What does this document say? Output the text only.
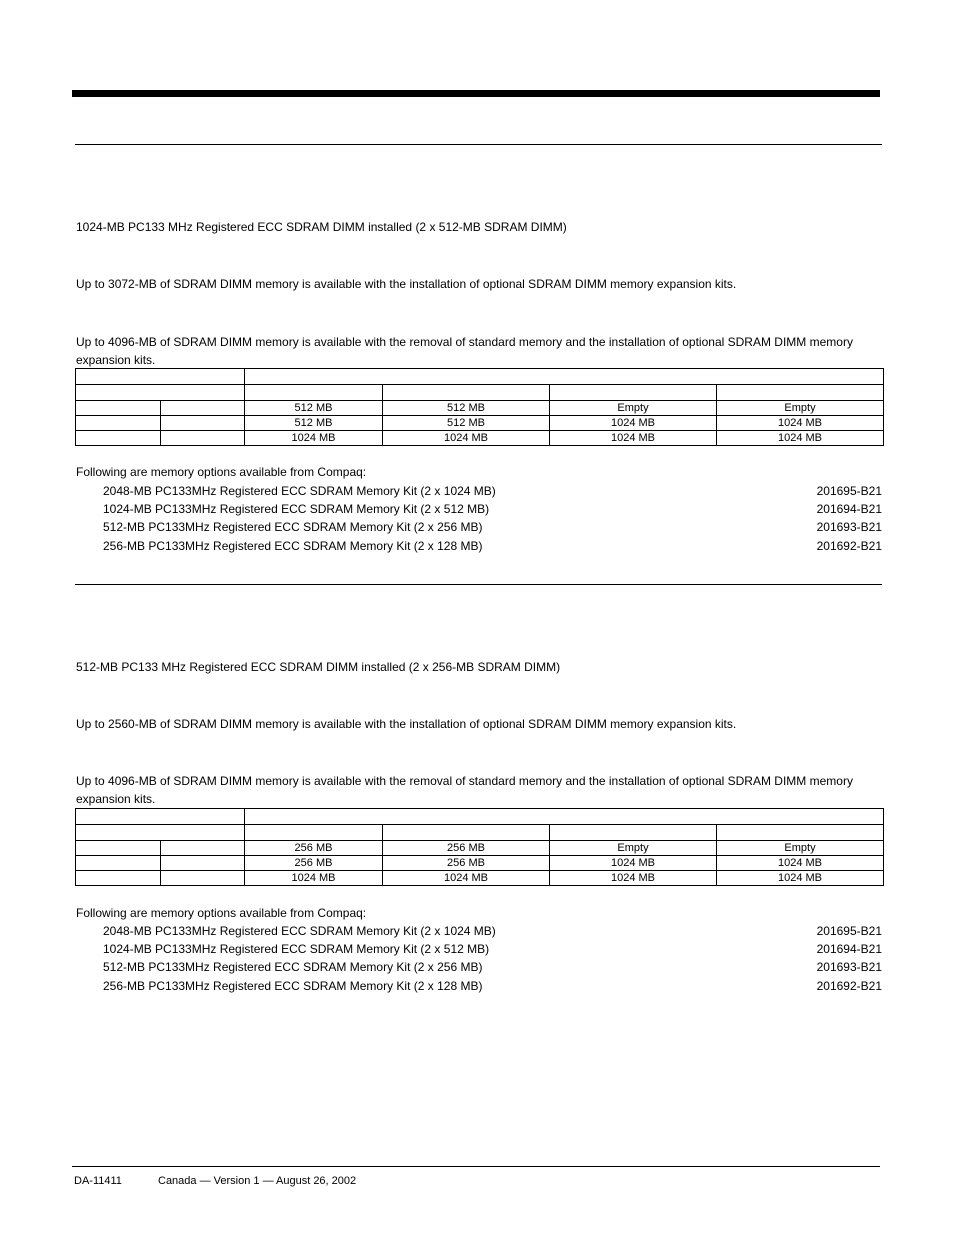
1024-MB PC133 MHz Registered ECC SDRAM DIMM installed (2 x 512-MB SDRAM DIMM)
Up to 3072-MB of SDRAM DIMM memory is available with the installation of optional SDRAM DIMM memory expansion kits.
Up to 4096-MB of SDRAM DIMM memory is available with the removal of standard memory and the installation of optional SDRAM DIMM memory expansion kits.

		512 MB	512 MB	Empty	Empty
		512 MB	512 MB	1024 MB	1024 MB
		1024 MB	1024 MB	1024 MB	1024 MB
Following are memory options available from Compaq:
2048-MB PC133MHz Registered ECC SDRAM Memory Kit (2 x 1024 MB)	201695-B21
1024-MB PC133MHz Registered ECC SDRAM Memory Kit (2 x 512 MB)	201694-B21
512-MB PC133MHz Registered ECC SDRAM Memory Kit (2 x 256 MB)	201693-B21
256-MB PC133MHz Registered ECC SDRAM Memory Kit (2 x 128 MB)	201692-B21
512-MB PC133 MHz Registered ECC SDRAM DIMM installed (2 x 256-MB SDRAM DIMM)
Up to 2560-MB of SDRAM DIMM memory is available with the installation of optional SDRAM DIMM memory expansion kits.
Up to 4096-MB of SDRAM DIMM memory is available with the removal of standard memory and the installation of optional SDRAM DIMM memory expansion kits.

		256 MB	256 MB	Empty	Empty
		256 MB	256 MB	1024 MB	1024 MB
		1024 MB	1024 MB	1024 MB	1024 MB
Following are memory options available from Compaq:
2048-MB PC133MHz Registered ECC SDRAM Memory Kit (2 x 1024 MB)	201695-B21
1024-MB PC133MHz Registered ECC SDRAM Memory Kit (2 x 512 MB)	201694-B21
512-MB PC133MHz Registered ECC SDRAM Memory Kit (2 x 256 MB)	201693-B21
256-MB PC133MHz Registered ECC SDRAM Memory Kit (2 x 128 MB)	201692-B21
DA-11411	Canada — Version 1 — August 26, 2002
